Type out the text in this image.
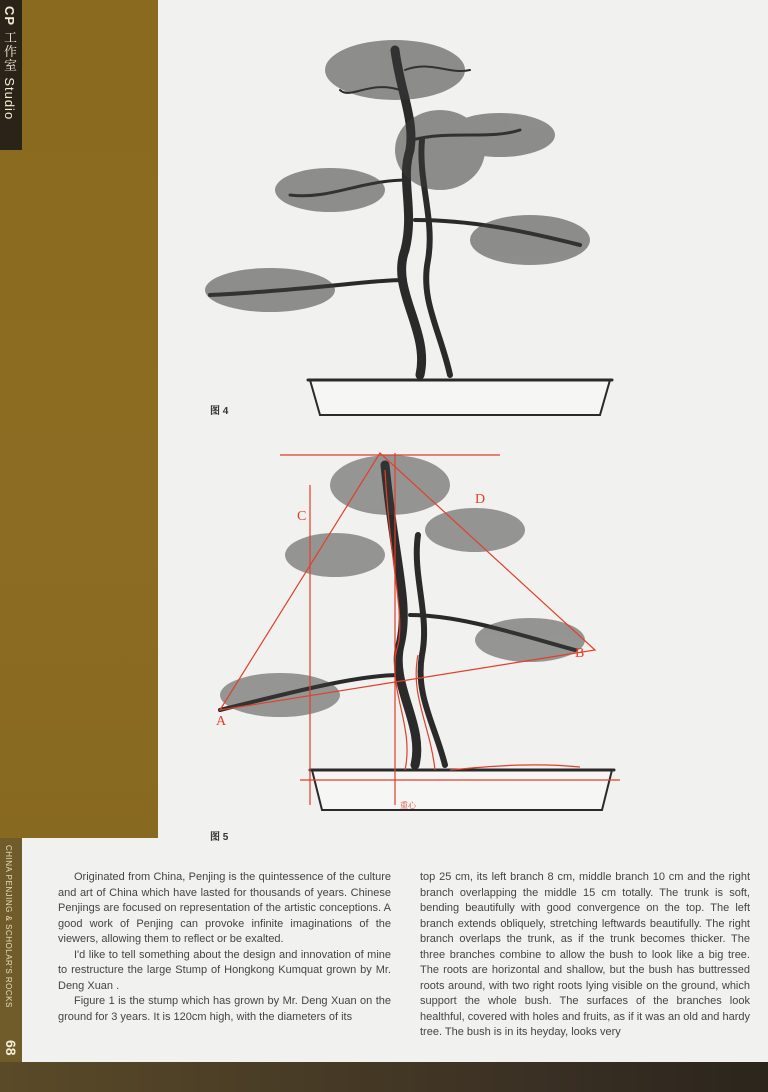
CP 工作室 Studio
CHINA PENJING & SCHOLAR'S ROCKS
68
图 4
A
B
C
D
重心
图 5

Originated from China, Penjing is the quintessence of the culture and art of China which have lasted for thousands of years. Chinese Penjings are focused on representation of the artistic conceptions. A good work of Penjing can provoke infinite imaginations of the viewers, allowing them to reflect or be exalted.

I'd like to tell something about the design and innovation of mine to restructure the large Stump of Hongkong Kumquat grown by Mr. Deng Xuan .

Figure 1 is the stump which has grown by Mr. Deng Xuan on the ground for 3 years. It is 120cm high, with the diameters of its

top 25 cm, its left branch 8 cm, middle branch 10 cm and the right branch overlapping the middle 15 cm totally. The trunk is soft, bending beautifully with good convergence on the top. The left branch extends obliquely, stretching leftwards beautifully. The right branch overlaps the trunk, as if the trunk becomes thicker. The three branches combine to allow the bush to look like a big tree. The roots are horizontal and shallow, but the bush has buttressed roots around, with two right roots lying visible on the ground, which support the whole bush. The surfaces of the branches look healthful, covered with holes and fruits, as if it was an old and hardy tree. The bush is in its heyday, looks very
